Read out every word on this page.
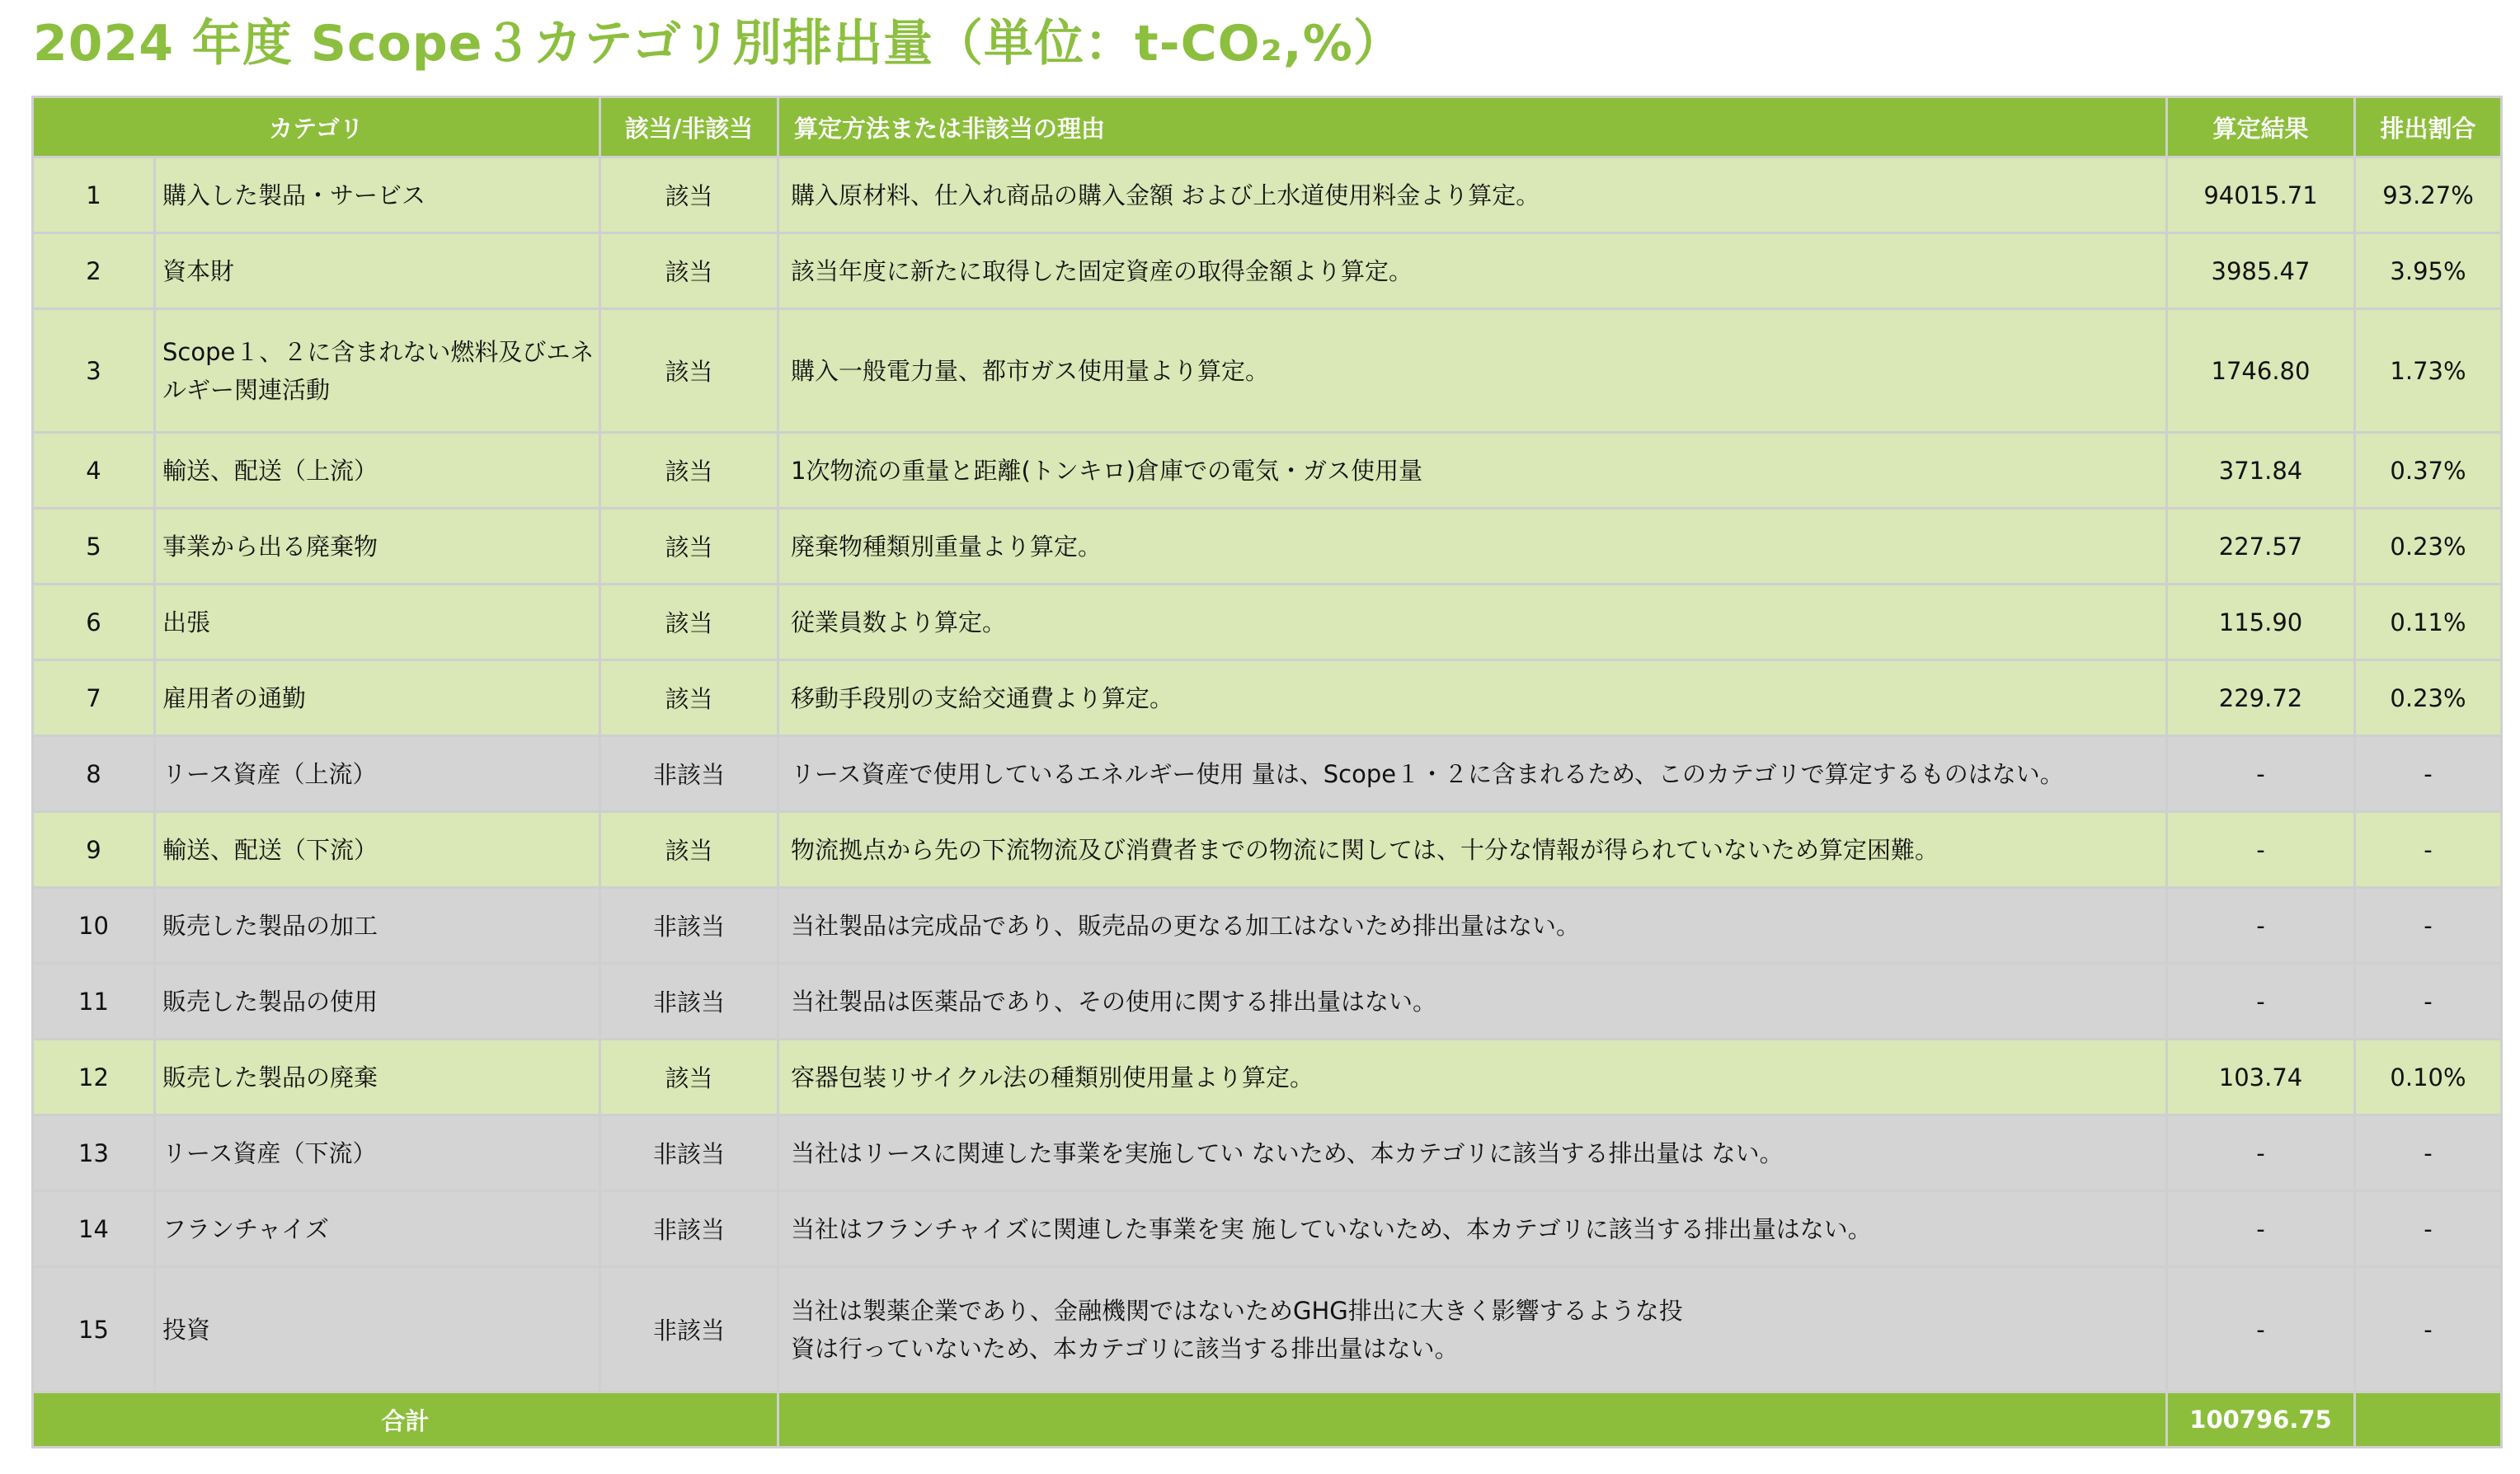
2024 年度 Scope３カテゴリ別排出量（単位：t-CO₂,%）
カテゴリ		該当/非該当	算定方法または非該当の理由	算定結果	排出割合
1	購入した製品・サービス	該当	購入原材料、仕入れ商品の購入金額 および上水道使用料金より算定。	94015.71	93.27%
2	資本財	該当	該当年度に新たに取得した固定資産の取得金額より算定。	3985.47	3.95%
3	Scope１、２に含まれない燃料及びエネルギー関連活動	該当	購入一般電力量、都市ガス使用量より算定。	1746.80	1.73%
4	輸送、配送（上流）	該当	1次物流の重量と距離(トンキロ)倉庫での電気・ガス使用量	371.84	0.37%
5	事業から出る廃棄物	該当	廃棄物種類別重量より算定。	227.57	0.23%
6	出張	該当	従業員数より算定。	115.90	0.11%
7	雇用者の通勤	該当	移動手段別の支給交通費より算定。	229.72	0.23%
8	リース資産（上流）	非該当	リース資産で使用しているエネルギー使用 量は、Scope１・２に含まれるため、このカテゴリで算定するものはない。	-	-
9	輸送、配送（下流）	該当	物流拠点から先の下流物流及び消費者までの物流に関しては、十分な情報が得られていないため算定困難。	-	-
10	販売した製品の加工	非該当	当社製品は完成品であり、販売品の更なる加工はないため排出量はない。	-	-
11	販売した製品の使用	非該当	当社製品は医薬品であり、その使用に関する排出量はない。	-	-
12	販売した製品の廃棄	該当	容器包装リサイクル法の種類別使用量より算定。	103.74	0.10%
13	リース資産（下流）	非該当	当社はリースに関連した事業を実施してい ないため、本カテゴリに該当する排出量は ない。	-	-
14	フランチャイズ	非該当	当社はフランチャイズに関連した事業を実 施していないため、本カテゴリに該当する排出量はない。	-	-
15	投資	非該当	当社は製薬企業であり、金融機関ではないためGHG排出に大きく影響するような投資は行っていないため、本カテゴリに該当する排出量はない。	-	-
合計				100796.75	
